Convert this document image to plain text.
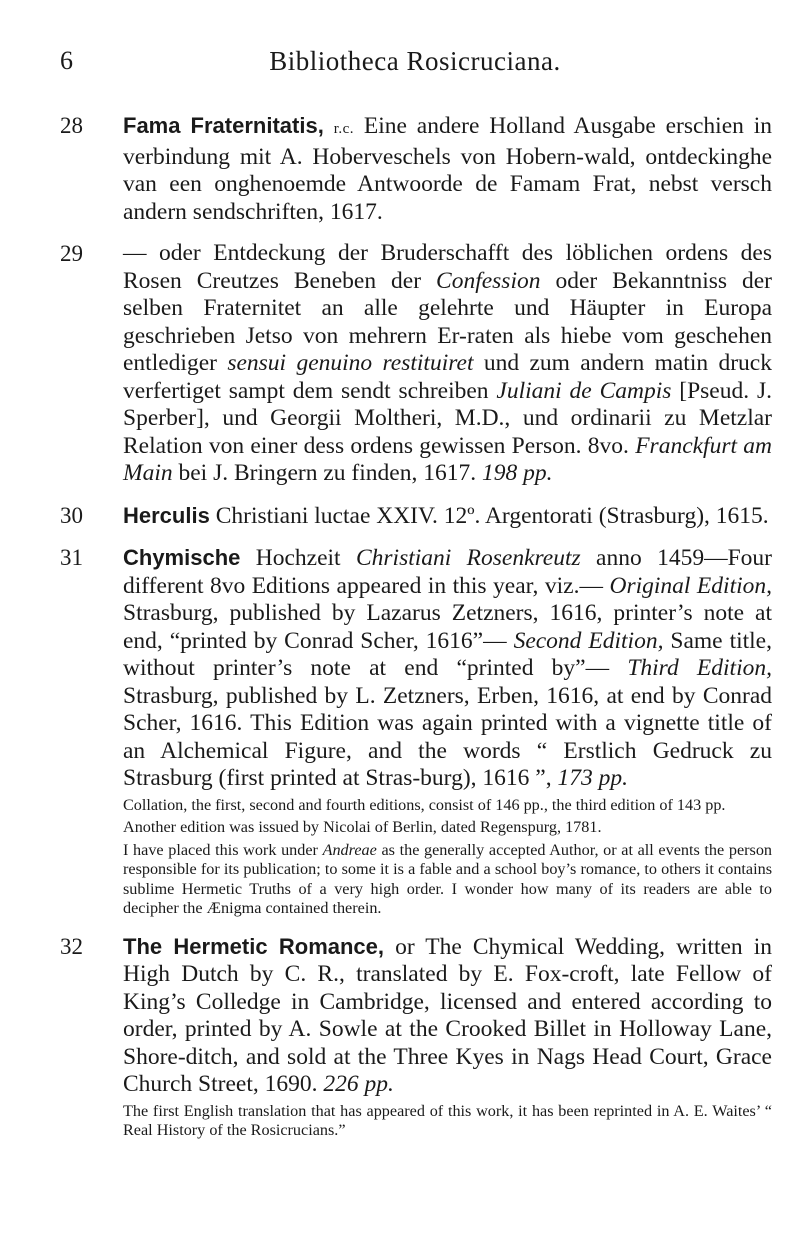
6	Bibliotheca Rosicruciana.
28	Fama Fraternitatis, r.c. Eine andere Holland Ausgabe erschien in verbindung mit A. Hoberveschels von Hobern-wald, ontdeckinghe van een onghenoemde Antwoorde de Famam Frat, nebst versch andern sendschriften, 1617.
29	— oder Entdeckung der Bruderschafft des löblichen ordens des Rosen Creutzes Beneben der Confession oder Bekanntniss der selben Fraternitet an alle gelehrte und Häupter in Europa geschrieben Jetso von mehrern Er-raten als hiebe vom geschehen entlediger sensui genuino restituiret und zum andern matin druck verfertiget sampt dem sendt schreiben Juliani de Campis [Pseud. J. Sperber], und Georgii Moltheri, M.D., und ordinarii zu Metzlar Relation von einer dess ordens gewissen Person. 8vo. Franckfurt am Main bei J. Bringern zu finden, 1617. 198 pp.
30	Herculis Christiani luctae XXIV. 12º. Argentorati (Strasburg), 1615.
31	Chymische Hochzeit Christiani Rosenkreutz anno 1459—Four different 8vo Editions appeared in this year, viz.— Original Edition, Strasburg, published by Lazarus Zetzners, 1616, printer’s note at end, “printed by Conrad Scher, 1616”— Second Edition, Same title, without printer’s note at end “printed by”— Third Edition, Strasburg, published by L. Zetzners, Erben, 1616, at end by Conrad Scher, 1616. This Edition was again printed with a vignette title of an Alchemical Figure, and the words “ Erstlich Gedruck zu Strasburg (first printed at Stras-burg), 1616 ”, 173 pp.
Collation, the first, second and fourth editions, consist of 146 pp., the third edition of 143 pp.
Another edition was issued by Nicolai of Berlin, dated Regenspurg, 1781.
I have placed this work under Andreae as the generally accepted Author, or at all events the person responsible for its publication; to some it is a fable and a school boy’s romance, to others it contains sublime Hermetic Truths of a very high order. I wonder how many of its readers are able to decipher the Ænigma contained therein.
32	The Hermetic Romance, or The Chymical Wedding, written in High Dutch by C. R., translated by E. Fox-croft, late Fellow of King’s Colledge in Cambridge, licensed and entered according to order, printed by A. Sowle at the Crooked Billet in Holloway Lane, Shore-ditch, and sold at the Three Kyes in Nags Head Court, Grace Church Street, 1690. 226 pp.
The first English translation that has appeared of this work, it has been reprinted in A. E. Waites’ “ Real History of the Rosicrucians.”
